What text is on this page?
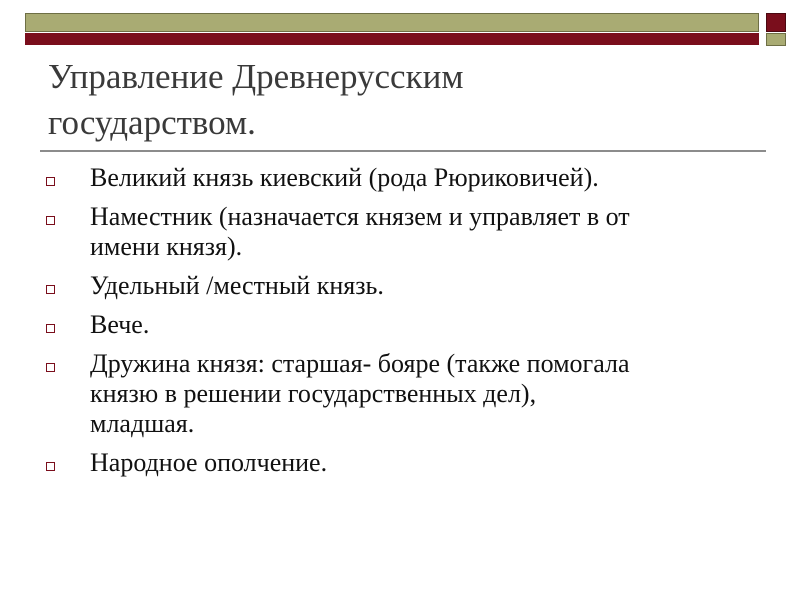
Управление Древнерусским
государством.
Великий князь киевский (рода Рюриковичей).
Наместник (назначается князем и управляет в от
имени князя).
Удельный /местный князь.
Вече.
Дружина князя: старшая- бояре (также помогала
князю в решении государственных дел),
младшая.
Народное ополчение.
